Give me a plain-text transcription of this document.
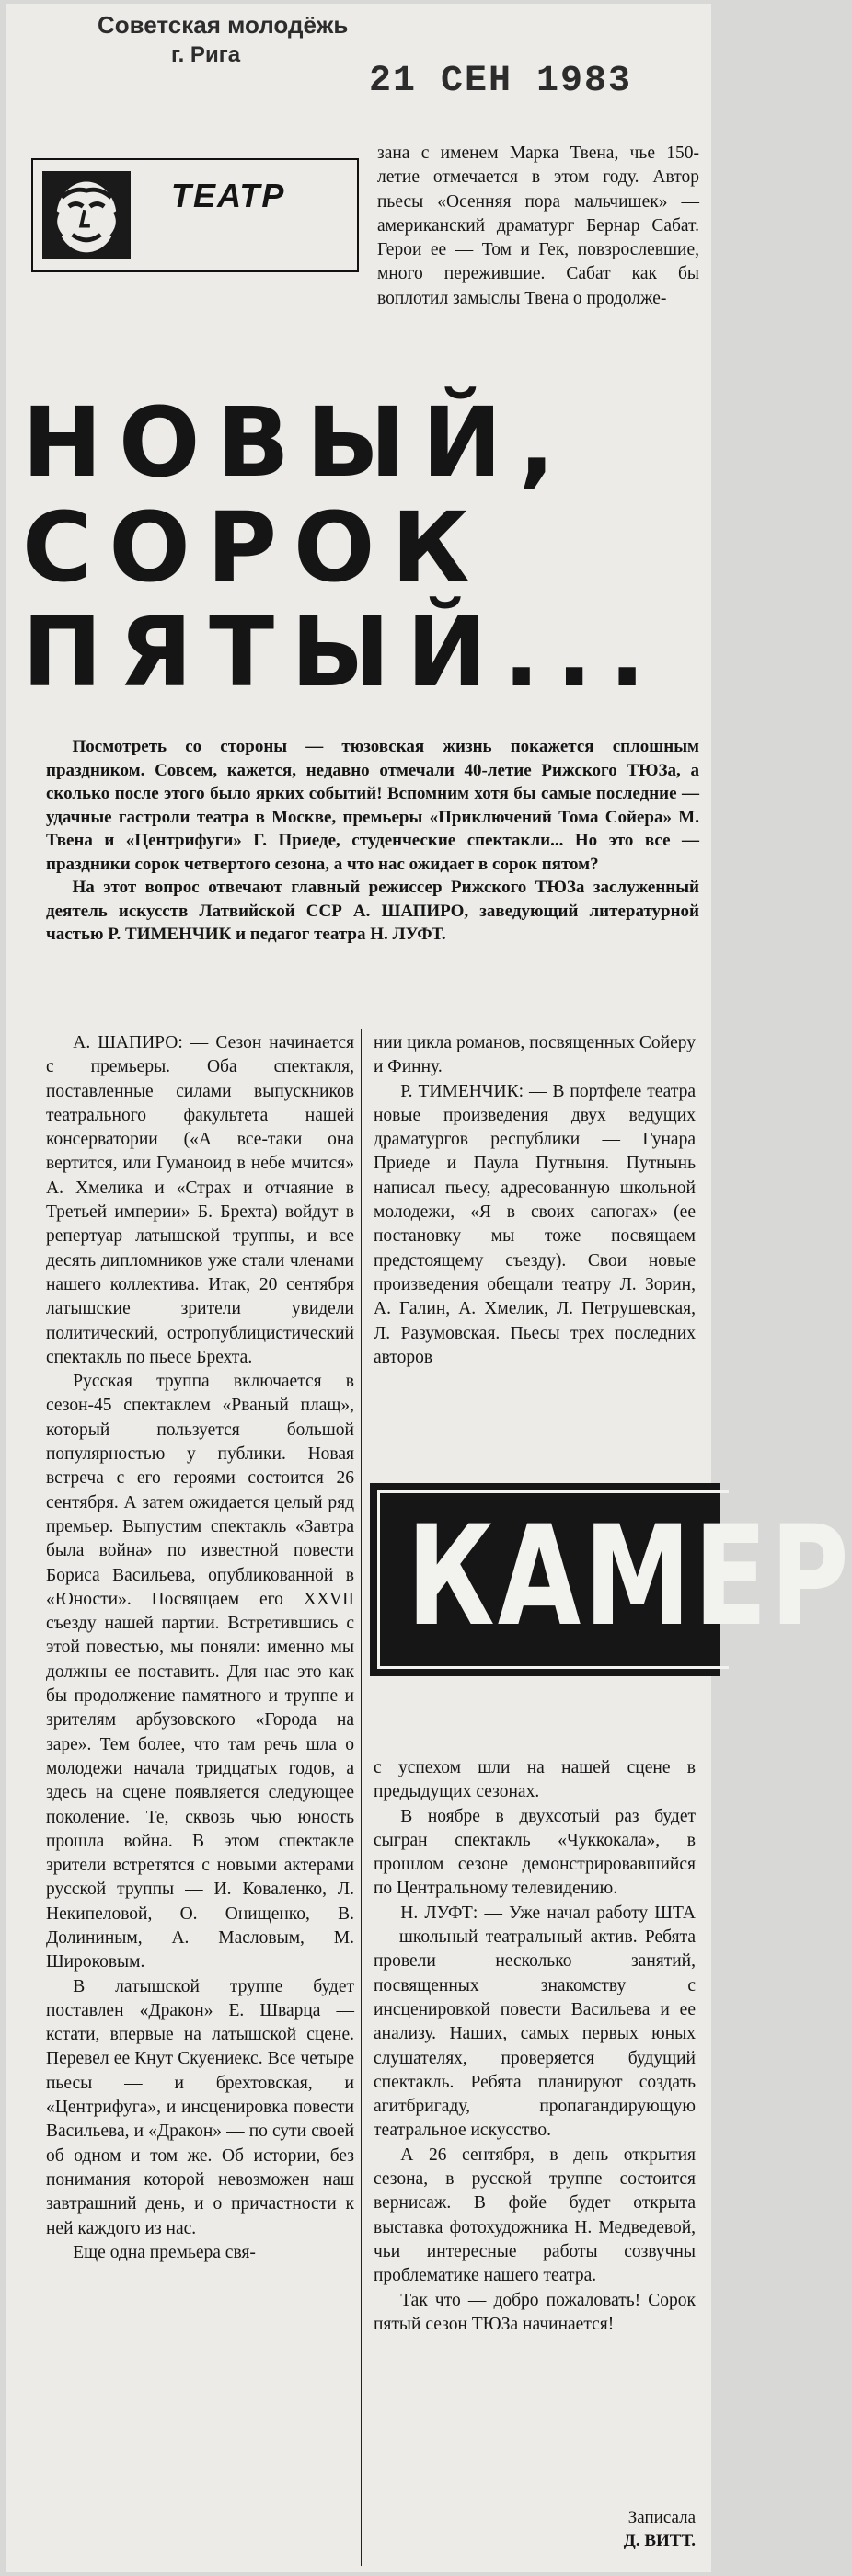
Советская молодёжь
г. Рига
21 СЕН 1983
ТЕАТР

зана с именем Марка Твена, чье 150-летие отмечается в этом году. Автор пьесы «Осенняя пора мальчишек» — американский драматург Бернар Сабат. Герои ее — Том и Гек, повзрослевшие, много пережившие. Сабат как бы воплотил замыслы Твена о продолже-

НОВЫЙ,
СОРОК
ПЯТЫЙ...

Посмотреть со стороны — тюзовская жизнь покажется сплошным праздником. Совсем, кажется, недавно отмечали 40-летие Рижского ТЮЗа, а сколько после этого было ярких событий! Вспомним хотя бы самые последние — удачные гастроли театра в Москве, премьеры «Приключений Тома Сойера» М. Твена и «Центрифуги» Г. Приеде, студенческие спектакли... Но это все — праздники сорок четвертого сезона, а что нас ожидает в сорок пятом?

На этот вопрос отвечают главный режиссер Рижского ТЮЗа заслуженный деятель искусств Латвийской ССР А. ШАПИРО, заведующий литературной частью Р. ТИМЕНЧИК и педагог театра Н. ЛУФТ.

А. ШАПИРО: — Сезон начинается с премьеры. Оба спектакля, поставленные силами выпускников театрального факультета нашей консерватории («А все-таки она вертится, или Гуманоид в небе мчится» А. Хмелика и «Страх и отчаяние в Третьей империи» Б. Брехта) войдут в репертуар латышской труппы, и все десять дипломников уже стали членами нашего коллектива. Итак, 20 сентября латышские зрители увидели политический, остропублицистический спектакль по пьесе Брехта.

Русская труппа включается в сезон-45 спектаклем «Рваный плащ», который пользуется большой популярностью у публики. Новая встреча с его героями состоится 26 сентября. А затем ожидается целый ряд премьер. Выпустим спектакль «Завтра была война» по известной повести Бориса Васильева, опубликованной в «Юности». Посвящаем его XXVII съезду нашей партии. Встретившись с этой повестью, мы поняли: именно мы должны ее поставить. Для нас это как бы продолжение памятного и труппе и зрителям арбузовского «Города на заре». Тем более, что там речь шла о молодежи начала тридцатых годов, а здесь на сцене появляется следующее поколение. Те, сквозь чью юность прошла война. В этом спектакле зрители встретятся с новыми актерами русской труппы — И. Коваленко, Л. Некипеловой, О. Онищенко, В. Долининым, А. Масловым, М. Широковым.

В латышской труппе будет поставлен «Дракон» Е. Шварца — кстати, впервые на латышской сцене. Перевел ее Кнут Скуениекс. Все четыре пьесы — и брехтовская, и «Центрифуга», и инсценировка повести Васильева, и «Дракон» — по сути своей об одном и том же. Об истории, без понимания которой невозможен наш завтрашний день, и о причастности к ней каждого из нас.

Еще одна премьера свя-

нии цикла романов, посвященных Сойеру и Финну.

Р. ТИМЕНЧИК: — В портфеле театра новые произведения двух ведущих драматургов республики — Гунара Приеде и Паула Путныня. Путнынь написал пьесу, адресованную школьной молодежи, «Я в своих сапогах» (ее постановку мы тоже посвящаем предстоящему съезду). Свои новые произведения обещали театру Л. Зорин, А. Галин, А. Хмелик, Л. Петрушевская, Л. Разумовская. Пьесы трех последних авторов

КАМЕР

с успехом шли на нашей сцене в предыдущих сезонах.

В ноябре в двухсотый раз будет сыгран спектакль «Чуккокала», в прошлом сезоне демонстрировавшийся по Центральному телевидению.

Н. ЛУФТ: — Уже начал работу ШТА — школьный театральный актив. Ребята провели несколько занятий, посвященных знакомству с инсценировкой повести Васильева и ее анализу. Наших, самых первых юных слушателях, проверяется будущий спектакль. Ребята планируют создать агитбригаду, пропагандирующую театральное искусство.

А 26 сентября, в день открытия сезона, в русской труппе состоится вернисаж. В фойе будет открыта выставка фотохудожника Н. Медведевой, чьи интересные работы созвучны проблематике нашего театра.

Так что — добро пожаловать! Сорок пятый сезон ТЮЗа начинается!

Записала
Д. ВИТТ.
